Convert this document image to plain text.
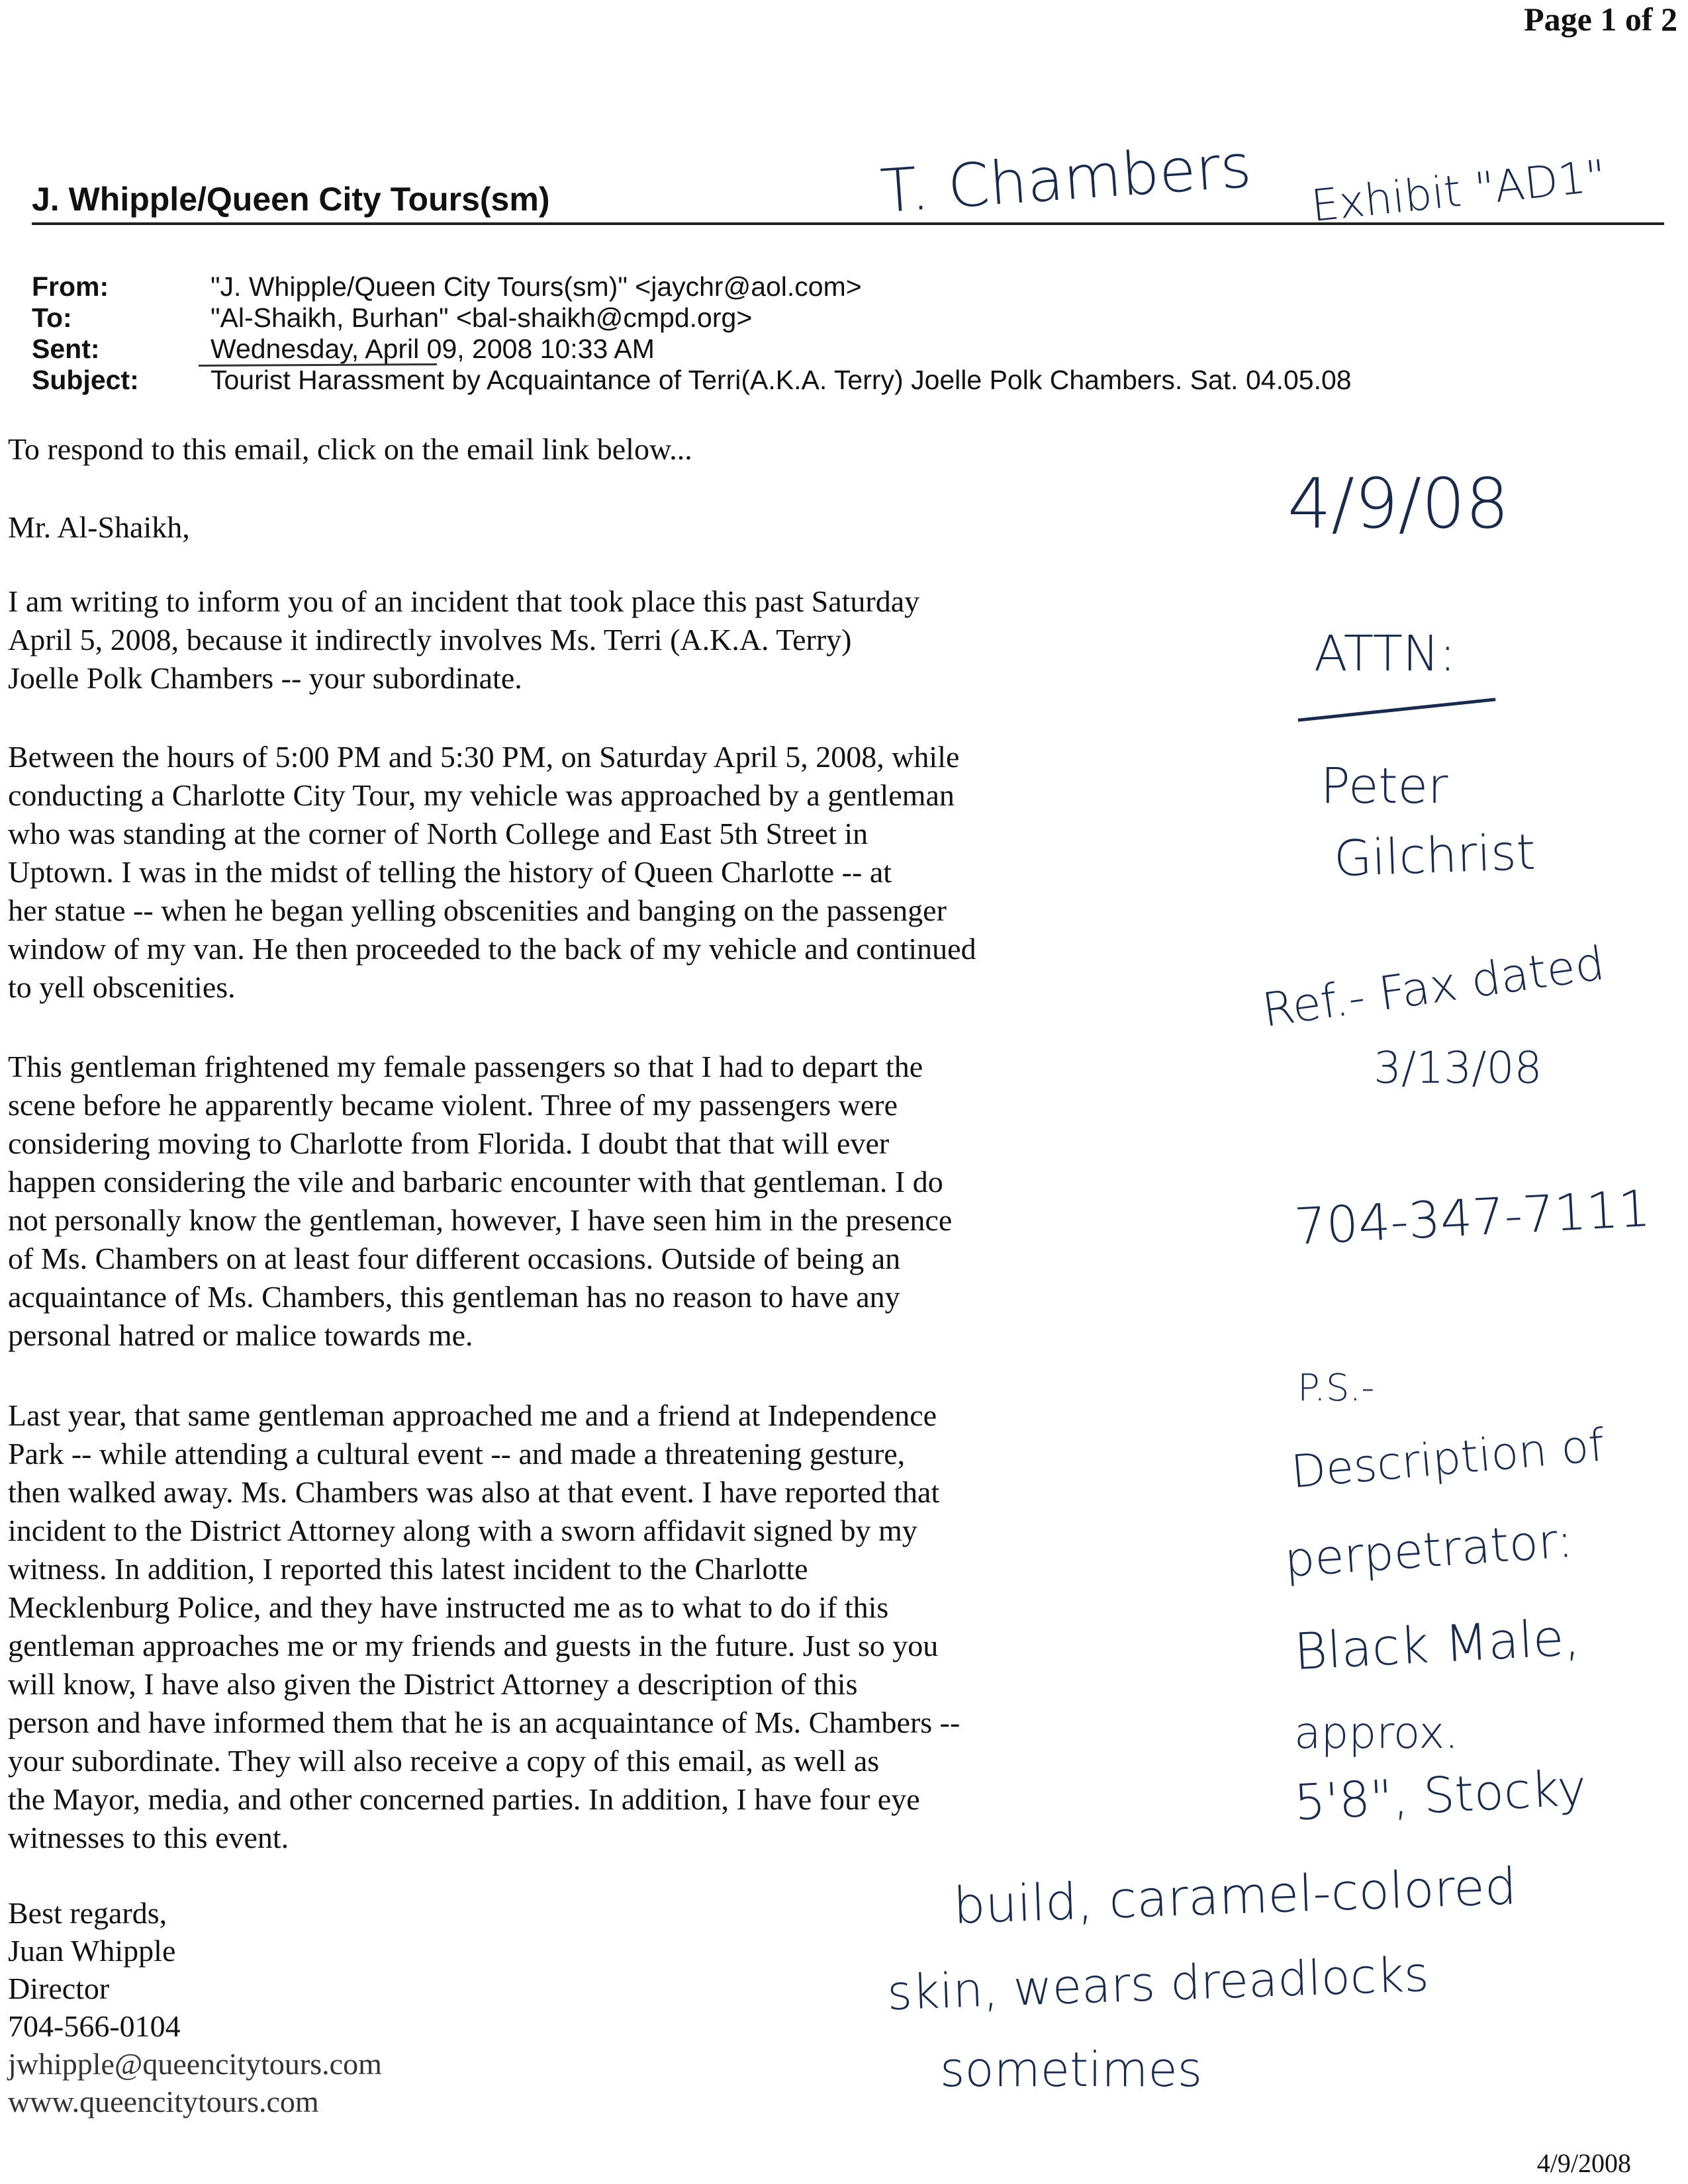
Page 1 of 2
J. Whipple/Queen City Tours(sm)
From:	"J. Whipple/Queen City Tours(sm)" <jaychr@aol.com>
To:	"Al-Shaikh, Burhan" <bal-shaikh@cmpd.org>
Sent:	Wednesday, April 09, 2008 10:33 AM
Subject:	Tourist Harassment by Acquaintance of Terri(A.K.A. Terry) Joelle Polk Chambers. Sat. 04.05.08
To respond to this email, click on the email link below...
Mr. Al-Shaikh,

I am writing to inform you of an incident that took place this past Saturday

April 5, 2008, because it indirectly involves Ms. Terri (A.K.A. Terry)

Joelle Polk Chambers -- your subordinate.

Between the hours of 5:00 PM and 5:30 PM, on Saturday April 5, 2008, while

conducting a Charlotte City Tour, my vehicle was approached by a gentleman

who was standing at the corner of North College and East 5th Street in

Uptown. I was in the midst of telling the history of Queen Charlotte -- at

her statue -- when he began yelling obscenities and banging on the passenger

window of my van. He then proceeded to the back of my vehicle and continued

to yell obscenities.

This gentleman frightened my female passengers so that I had to depart the

scene before he apparently became violent. Three of my passengers were

considering moving to Charlotte from Florida. I doubt that that will ever

happen considering the vile and barbaric encounter with that gentleman. I do

not personally know the gentleman, however, I have seen him in the presence

of Ms. Chambers on at least four different occasions. Outside of being an

acquaintance of Ms. Chambers, this gentleman has no reason to have any

personal hatred or malice towards me.

Last year, that same gentleman approached me and a friend at Independence

Park -- while attending a cultural event -- and made a threatening gesture,

then walked away. Ms. Chambers was also at that event. I have reported that

incident to the District Attorney along with a sworn affidavit signed by my

witness. In addition, I reported this latest incident to the Charlotte

Mecklenburg Police, and they have instructed me as to what to do if this

gentleman approaches me or my friends and guests in the future. Just so you

will know, I have also given the District Attorney a description of this

person and have informed them that he is an acquaintance of Ms. Chambers --

your subordinate. They will also receive a copy of this email, as well as

the Mayor, media, and other concerned parties. In addition, I have four eye

witnesses to this event.

Best regards,
Juan Whipple
Director
704-566-0104
jwhipple@queencitytours.com
www.queencitytours.com
4/9/2008
T. Chambers Exhibit "AD1"
4/9/08
ATTN:
Peter
Gilchrist
Ref.- Fax dated
3/13/08
704-347-7111
P.S.-
Description of
perpetrator:
Black Male,
approx.
5'8", Stocky
build, caramel-colored
skin, wears dreadlocks
sometimes
